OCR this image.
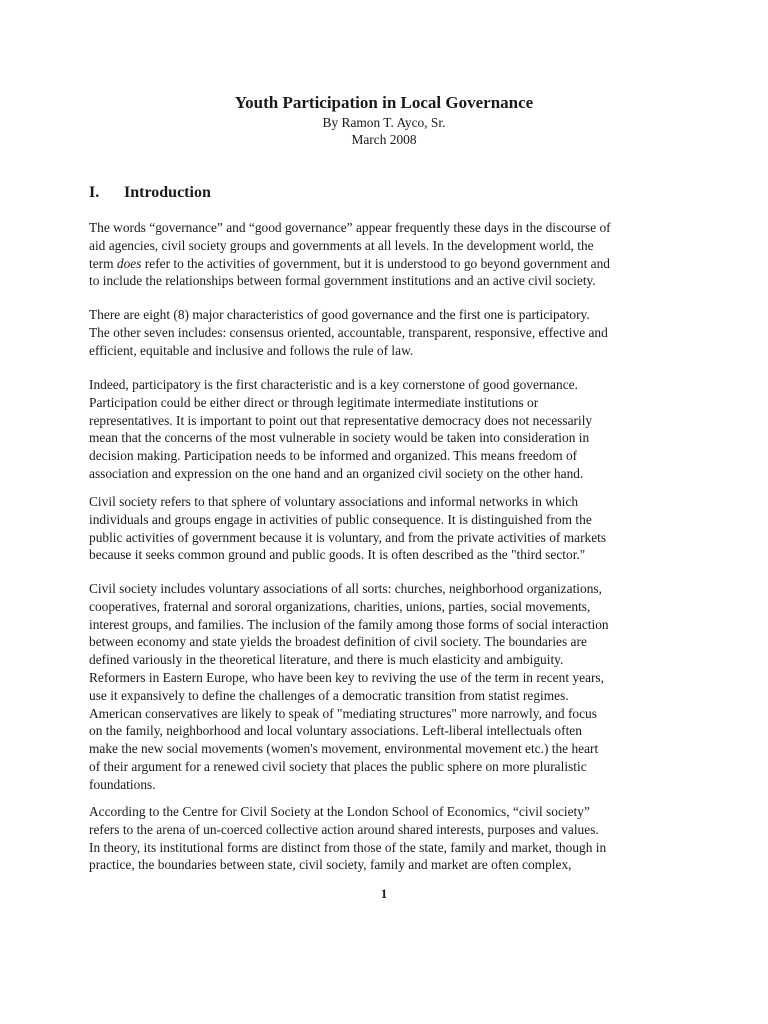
Youth Participation in Local Governance
By Ramon T. Ayco, Sr.
March 2008
I. Introduction
The words “governance” and “good governance” appear frequently these days in the discourse of
aid agencies, civil society groups and governments at all levels. In the development world, the
term does refer to the activities of government, but it is understood to go beyond government and
to include the relationships between formal government institutions and an active civil society.
There are eight (8) major characteristics of good governance and the first one is participatory.
The other seven includes: consensus oriented, accountable, transparent, responsive, effective and
efficient, equitable and inclusive and follows the rule of law.
Indeed, participatory is the first characteristic and is a key cornerstone of good governance.
Participation could be either direct or through legitimate intermediate institutions or
representatives. It is important to point out that representative democracy does not necessarily
mean that the concerns of the most vulnerable in society would be taken into consideration in
decision making. Participation needs to be informed and organized. This means freedom of
association and expression on the one hand and an organized civil society on the other hand.
Civil society refers to that sphere of voluntary associations and informal networks in which
individuals and groups engage in activities of public consequence. It is distinguished from the
public activities of government because it is voluntary, and from the private activities of markets
because it seeks common ground and public goods. It is often described as the "third sector."
Civil society includes voluntary associations of all sorts: churches, neighborhood organizations,
cooperatives, fraternal and sororal organizations, charities, unions, parties, social movements,
interest groups, and families. The inclusion of the family among those forms of social interaction
between economy and state yields the broadest definition of civil society. The boundaries are
defined variously in the theoretical literature, and there is much elasticity and ambiguity.
Reformers in Eastern Europe, who have been key to reviving the use of the term in recent years,
use it expansively to define the challenges of a democratic transition from statist regimes.
American conservatives are likely to speak of "mediating structures" more narrowly, and focus
on the family, neighborhood and local voluntary associations. Left-liberal intellectuals often
make the new social movements (women's movement, environmental movement etc.) the heart
of their argument for a renewed civil society that places the public sphere on more pluralistic
foundations.
According to the Centre for Civil Society at the London School of Economics, “civil society”
refers to the arena of un-coerced collective action around shared interests, purposes and values.
In theory, its institutional forms are distinct from those of the state, family and market, though in
practice, the boundaries between state, civil society, family and market are often complex,
1
